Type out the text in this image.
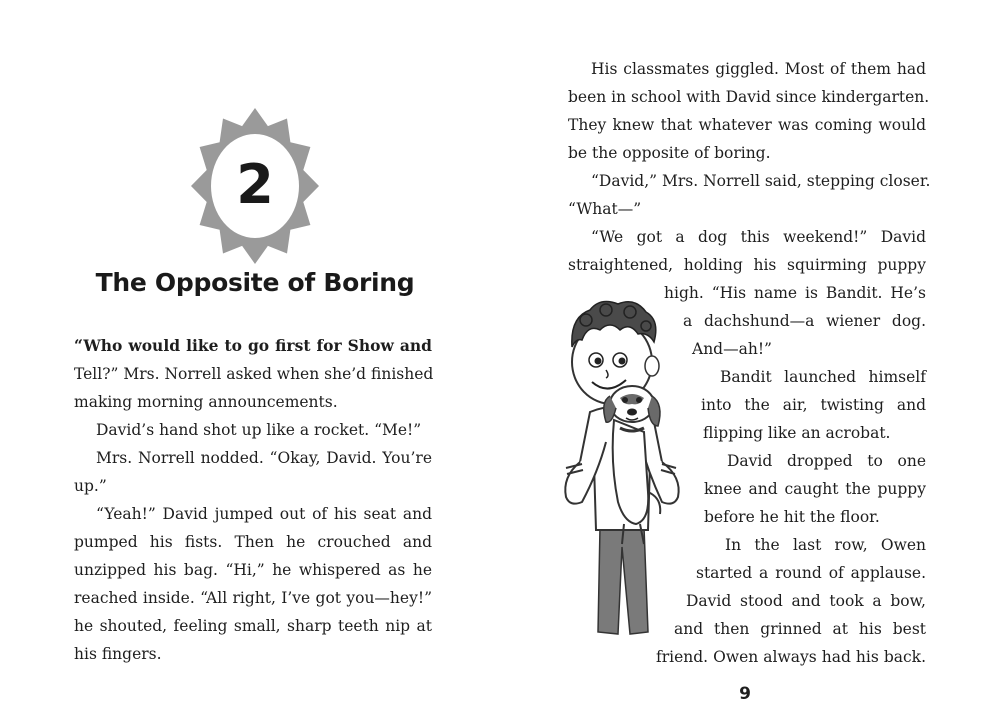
2
The Opposite of Boring
“Who would like to go first for Show and
Tell?” Mrs. Norrell asked when she’d finished
making morning announcements.
David’s hand shot up like a rocket. “Me!”
Mrs. Norrell nodded. “Okay, David. You’re
up.”
“Yeah!” David jumped out of his seat and
pumped his fists. Then he crouched and
unzipped his bag. “Hi,” he whispered as he
reached inside. “All right, I’ve got you—hey!”
he shouted, feeling small, sharp teeth nip at
his fingers.
His classmates giggled. Most of them had
been in school with David since kindergarten.
They knew that whatever was coming would
be the opposite of boring.
“David,” Mrs. Norrell said, stepping closer.
“What—”
“We got a dog this weekend!” David
straightened, holding his squirming puppy
high. “His name is Bandit. He’s
a dachshund—a wiener dog.
And—ah!”
Bandit launched himself
into the air, twisting and
flipping like an acrobat.
David dropped to one
knee and caught the puppy
before he hit the floor.
In the last row, Owen
started a round of applause.
David stood and took a bow,
and then grinned at his best
friend. Owen always had his back.
9
